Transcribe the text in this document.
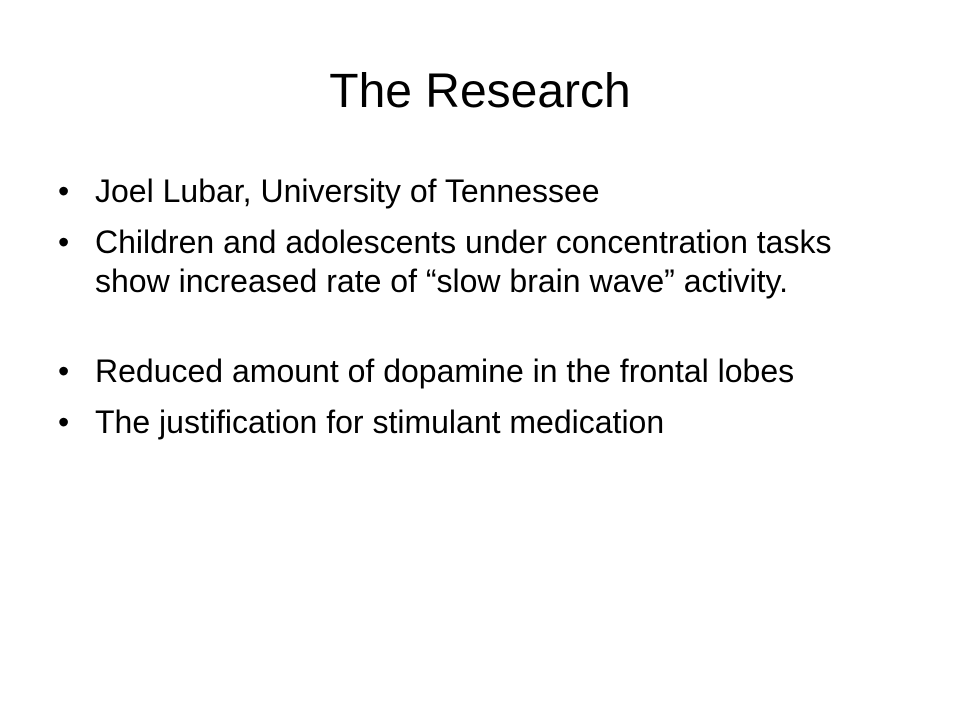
The Research
• Joel Lubar, University of Tennessee
• Children and adolescents under concentration tasks show increased rate of “slow brain wave” activity.
• Reduced amount of dopamine in the frontal lobes
• The justification for stimulant medication
